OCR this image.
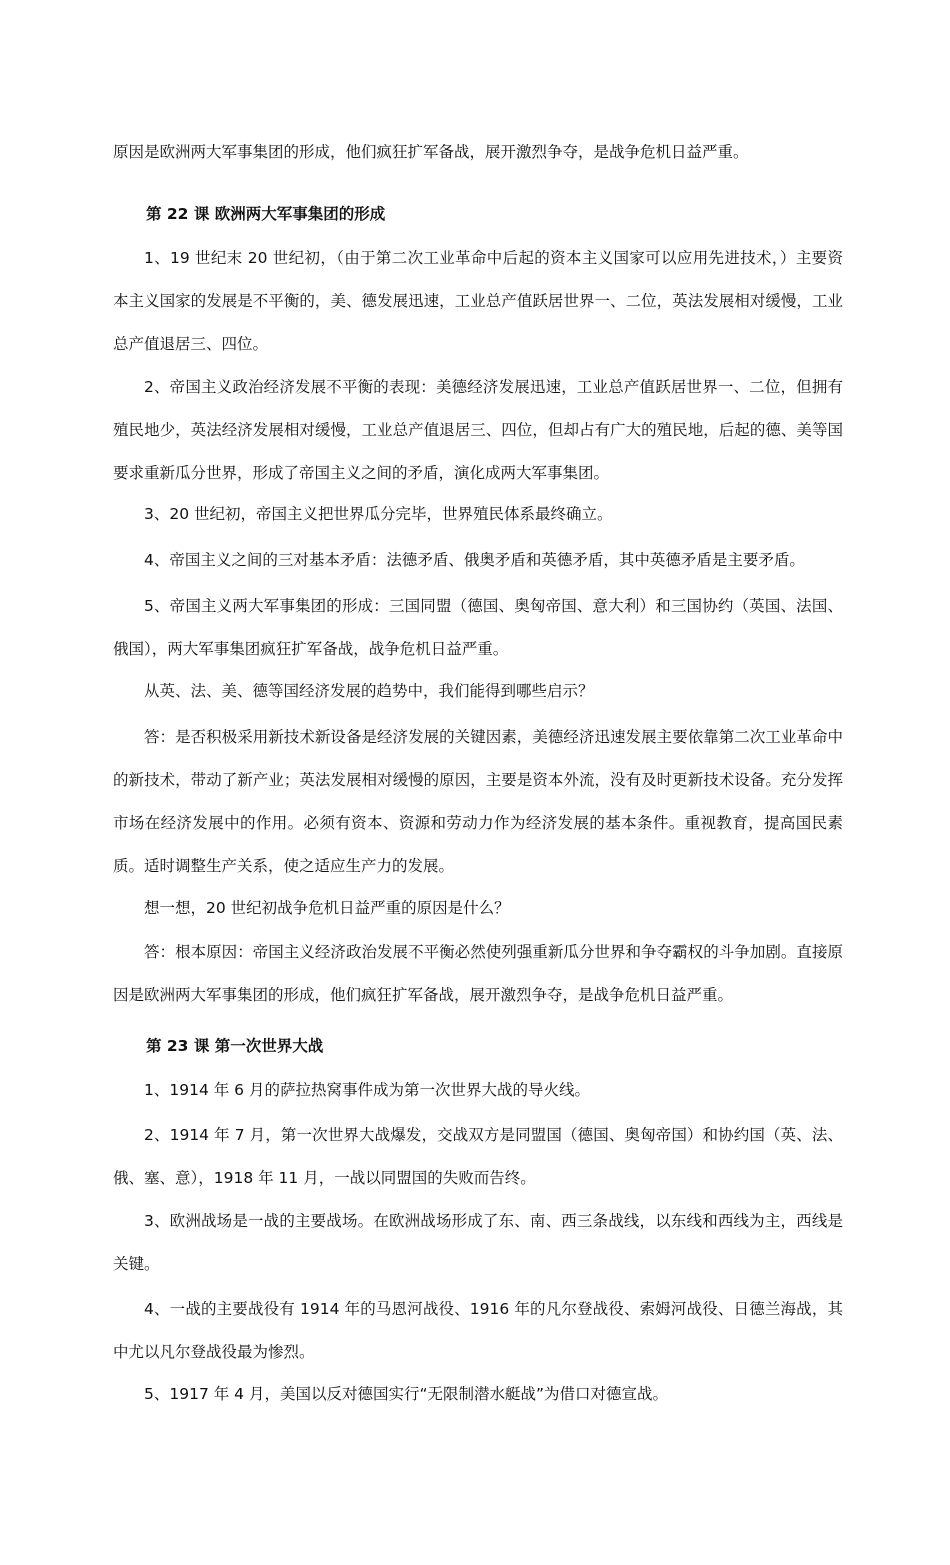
原因是欧洲两大军事集团的形成，他们疯狂扩军备战，展开激烈争夺，是战争危机日益严重。

第 22 课 欧洲两大军事集团的形成

1、19 世纪末 20 世纪初，（由于第二次工业革命中后起的资本主义国家可以应用先进技术，）主要资本主义国家的发展是不平衡的，美、德发展迅速，工业总产值跃居世界一、二位，英法发展相对缓慢，工业总产值退居三、四位。

2、帝国主义政治经济发展不平衡的表现：美德经济发展迅速，工业总产值跃居世界一、二位，但拥有殖民地少，英法经济发展相对缓慢，工业总产值退居三、四位，但却占有广大的殖民地，后起的德、美等国要求重新瓜分世界，形成了帝国主义之间的矛盾，演化成两大军事集团。

3、20 世纪初，帝国主义把世界瓜分完毕，世界殖民体系最终确立。

4、帝国主义之间的三对基本矛盾：法德矛盾、俄奥矛盾和英德矛盾，其中英德矛盾是主要矛盾。

5、帝国主义两大军事集团的形成：三国同盟（德国、奥匈帝国、意大利）和三国协约（英国、法国、俄国），两大军事集团疯狂扩军备战，战争危机日益严重。

从英、法、美、德等国经济发展的趋势中，我们能得到哪些启示？

答：是否积极采用新技术新设备是经济发展的关键因素，美德经济迅速发展主要依靠第二次工业革命中的新技术，带动了新产业；英法发展相对缓慢的原因，主要是资本外流，没有及时更新技术设备。充分发挥市场在经济发展中的作用。必须有资本、资源和劳动力作为经济发展的基本条件。重视教育，提高国民素质。适时调整生产关系，使之适应生产力的发展。

想一想，20 世纪初战争危机日益严重的原因是什么？

答：根本原因：帝国主义经济政治发展不平衡必然使列强重新瓜分世界和争夺霸权的斗争加剧。直接原因是欧洲两大军事集团的形成，他们疯狂扩军备战，展开激烈争夺，是战争危机日益严重。

第 23 课 第一次世界大战

1、1914 年 6 月的萨拉热窝事件成为第一次世界大战的导火线。

2、1914 年 7 月，第一次世界大战爆发，交战双方是同盟国（德国、奥匈帝国）和协约国（英、法、俄、塞、意），1918 年 11 月，一战以同盟国的失败而告终。

3、欧洲战场是一战的主要战场。在欧洲战场形成了东、南、西三条战线，以东线和西线为主，西线是关键。

4、一战的主要战役有 1914 年的马恩河战役、1916 年的凡尔登战役、索姆河战役、日德兰海战，其中尤以凡尔登战役最为惨烈。

5、1917 年 4 月，美国以反对德国实行“无限制潜水艇战”为借口对德宣战。
